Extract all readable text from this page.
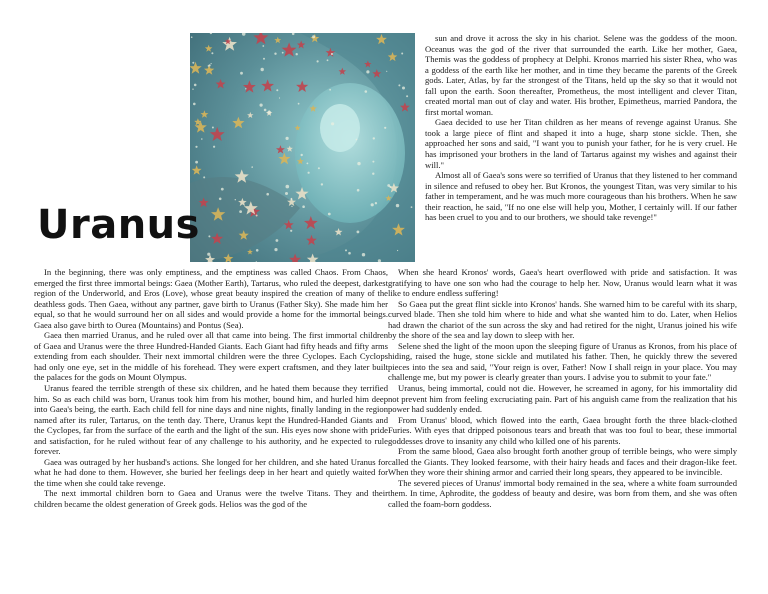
Uranus

sun and drove it across the sky in his chariot. Selene was the goddess of the moon. Oceanus was the god of the river that surrounded the earth. Like her mother, Gaea, Themis was the goddess of prophecy at Delphi. Kronos married his sister Rhea, who was a goddess of the earth like her mother, and in time they became the parents of the Greek gods. Later, Atlas, by far the strongest of the Titans, held up the sky so that it would not fall upon the earth. Soon thereafter, Prometheus, the most intelligent and clever Titan, created mortal man out of clay and water. His brother, Epimetheus, married Pandora, the first mortal woman.

Gaea decided to use her Titan children as her means of revenge against Uranus. She took a large piece of flint and shaped it into a huge, sharp stone sickle. Then, she approached her sons and said, "I want you to punish your father, for he is very cruel. He has imprisoned your brothers in the land of Tartarus against my wishes and against their will."

Almost all of Gaea's sons were so terrified of Uranus that they listened to her command in silence and refused to obey her. But Kronos, the youngest Titan, was very similar to his father in temperament, and he was much more courageous than his brothers. When he saw their reaction, he said, "If no one else will help you, Mother, I certainly will. If our father has been cruel to you and to our brothers, we should take revenge!"

In the beginning, there was only emptiness, and the emptiness was called Chaos. From Chaos, emerged the first three immortal beings: Gaea (Mother Earth), Tartarus, who ruled the deepest, darkest region of the Underworld, and Eros (Love), whose great beauty inspired the creation of many of the deathless gods. Then Gaea, without any partner, gave birth to Uranus (Father Sky). She made him her equal, so that he would surround her on all sides and would provide a home for the immortal beings. Gaea also gave birth to Ourea (Mountains) and Pontus (Sea).

Gaea then married Uranus, and he ruled over all that came into being. The first immortal children of Gaea and Uranus were the three Hundred-Handed Giants. Each Giant had fifty heads and fifty arms extending from each shoulder. Their next immortal children were the three Cyclopes. Each Cyclops had only one eye, set in the middle of his forehead. They were expert craftsmen, and they later built the palaces for the gods on Mount Olympus.

Uranus feared the terrible strength of these six children, and he hated them because they terrified him. So as each child was born, Uranus took him from his mother, bound him, and hurled him deep into Gaea's being, the earth. Each child fell for nine days and nine nights, finally landing in the region named after its ruler, Tartarus, on the tenth day. There, Uranus kept the Hundred-Handed Giants and the Cyclopes, far from the surface of the earth and the light of the sun. His eyes now shone with pride and satisfaction, for he ruled without fear of any challenge to his authority, and he expected to rule forever.

Gaea was outraged by her husband's actions. She longed for her children, and she hated Uranus for what he had done to them. However, she buried her feelings deep in her heart and quietly waited for the time when she could take revenge.

The next immortal children born to Gaea and Uranus were the twelve Titans. They and their children became the oldest generation of Greek gods. Helios was the god of the

When she heard Kronos' words, Gaea's heart overflowed with pride and satisfaction. It was gratifying to have one son who had the courage to help her. Now, Uranus would learn what it was like to endure endless suffering!

So Gaea put the great flint sickle into Kronos' hands. She warned him to be careful with its sharp, curved blade. Then she told him where to hide and what she wanted him to do. Later, when Helios had drawn the chariot of the sun across the sky and had retired for the night, Uranus joined his wife by the shore of the sea and lay down to sleep with her.

Selene shed the light of the moon upon the sleeping figure of Uranus as Kronos, from his place of hiding, raised the huge, stone sickle and mutilated his father. Then, he quickly threw the severed pieces into the sea and said, "Your reign is over, Father! Now I shall reign in your place. You may challenge me, but my power is clearly greater than yours. I advise you to submit to your fate."

Uranus, being immortal, could not die. However, he screamed in agony, for his immortality did not prevent him from feeling excruciating pain. Part of his anguish came from the realization that his power had suddenly ended.

From Uranus' blood, which flowed into the earth, Gaea brought forth the three black-clothed Furies. With eyes that dripped poisonous tears and breath that was too foul to bear, these immortal goddesses drove to insanity any child who killed one of his parents.

From the same blood, Gaea also brought forth another group of terrible beings, who were simply called the Giants. They looked fearsome, with their hairy heads and faces and their dragon-like feet. When they wore their shining armor and carried their long spears, they appeared to be invincible.

The severed pieces of Uranus' immortal body remained in the sea, where a white foam surrounded them. In time, Aphrodite, the goddess of beauty and desire, was born from them, and she was often called the foam-born goddess.
